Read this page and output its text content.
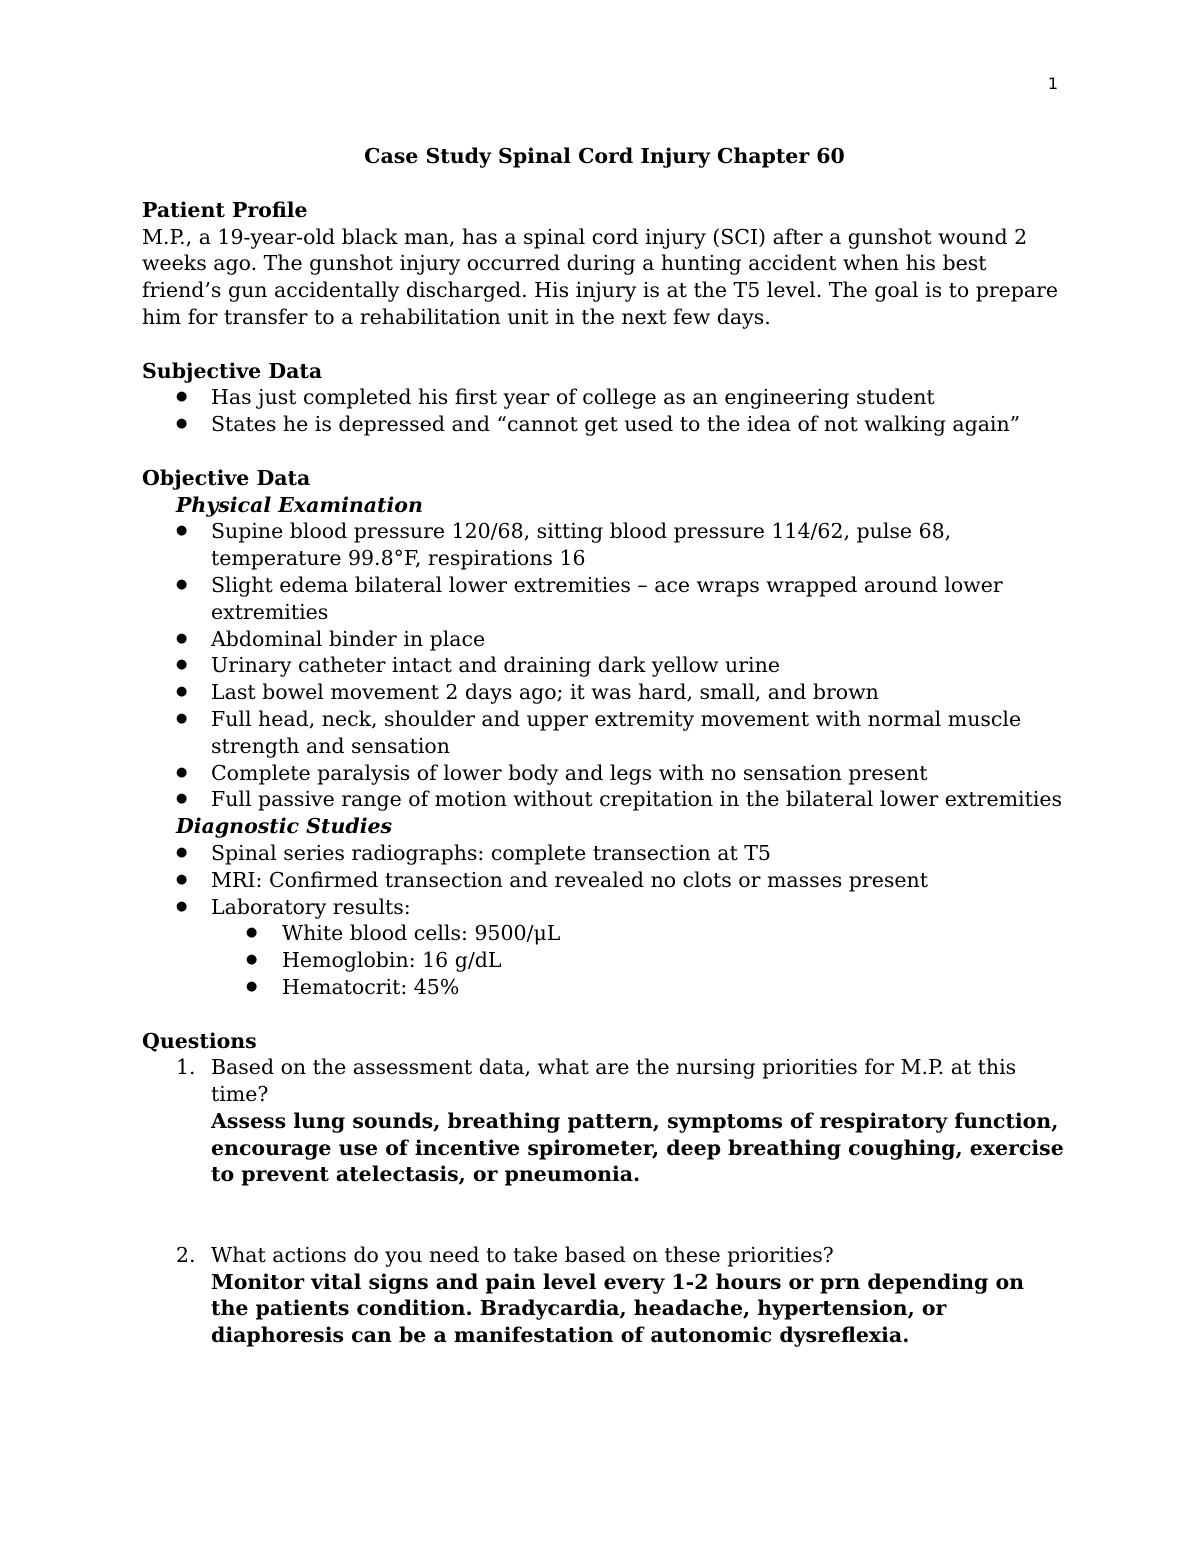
1
Case Study Spinal Cord Injury Chapter 60

Patient Profile

M.P., a 19-year-old black man, has a spinal cord injury (SCI) after a gunshot wound 2 weeks ago. The gunshot injury occurred during a hunting accident when his best friend’s gun accidentally discharged. His injury is at the T5 level. The goal is to prepare him for transfer to a rehabilitation unit in the next few days.

Subjective Data

● Has just completed his first year of college as an engineering student
● States he is depressed and “cannot get used to the idea of not walking again”

Objective Data

Physical Examination

● Supine blood pressure 120/68, sitting blood pressure 114/62, pulse 68, temperature 99.8°F, respirations 16
● Slight edema bilateral lower extremities – ace wraps wrapped around lower extremities
● Abdominal binder in place
● Urinary catheter intact and draining dark yellow urine
● Last bowel movement 2 days ago; it was hard, small, and brown
● Full head, neck, shoulder and upper extremity movement with normal muscle strength and sensation
● Complete paralysis of lower body and legs with no sensation present
● Full passive range of motion without crepitation in the bilateral lower extremities

Diagnostic Studies

● Spinal series radiographs: complete transection at T5
● MRI: Confirmed transection and revealed no clots or masses present
● Laboratory results:
● White blood cells: 9500/μL
● Hemoglobin: 16 g/dL
● Hematocrit: 45%

Questions

1. Based on the assessment data, what are the nursing priorities for M.P. at this time?

Assess lung sounds, breathing pattern, symptoms of respiratory function, encourage use of incentive spirometer, deep breathing coughing, exercise to prevent atelectasis, or pneumonia.

2. What actions do you need to take based on these priorities?

Monitor vital signs and pain level every 1-2 hours or prn depending on the patients condition. Bradycardia, headache, hypertension, or diaphoresis can be a manifestation of autonomic dysreflexia.
